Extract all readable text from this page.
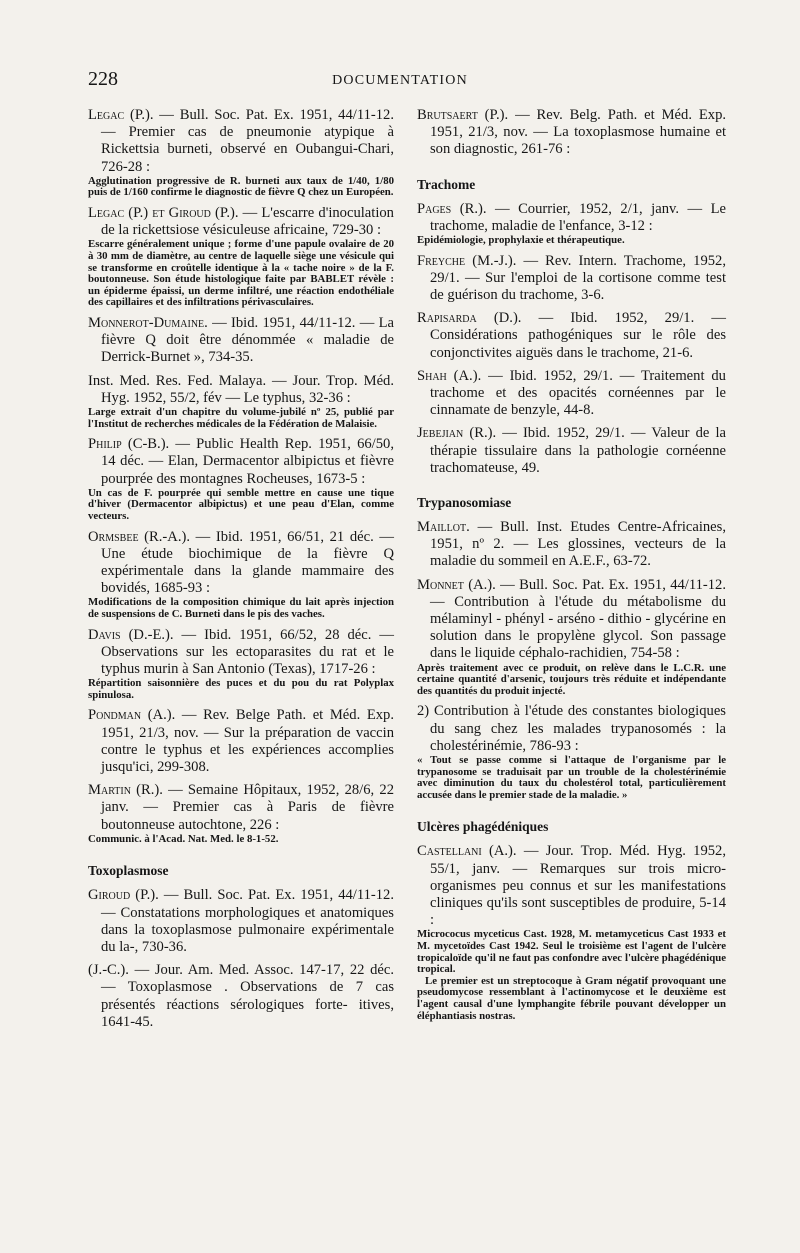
228	DOCUMENTATION
Legac (P.). — Bull. Soc. Pat. Ex. 1951, 44/11-12. — Premier cas de pneumonie atypique à Rickettsia burneti, observé en Oubangui-Chari, 726-28 :
Agglutination progressive de R. burneti aux taux de 1/40, 1/80 puis de 1/160 confirme le diagnostic de fièvre Q chez un Européen.
Legac (P.) et Giroud (P.). — L'escarre d'inoculation de la rickettsiose vésiculeuse africaine, 729-30 :
Escarre généralement unique ; forme d'une papule ovalaire de 20 à 30 mm de diamètre, au centre de laquelle siège une vésicule qui se transforme en croûtelle identique à la « tache noire » de la F. boutonneuse. Son étude histologique faite par BABLET révèle : un épiderme épaissi, un derme infiltré, une réaction endothéliale des capillaires et des infiltrations périvasculaires.
Monnerot-Dumaine. — Ibid. 1951, 44/11-12. — La fièvre Q doit être dénommée « maladie de Derrick-Burnet », 734-35.
Inst. Med. Res. Fed. Malaya. — Jour. Trop. Méd. Hyg. 1952, 55/2, fév — Le typhus, 32-36 :
Large extrait d'un chapitre du volume-jubilé nº 25, publié par l'Institut de recherches médicales de la Fédération de Malaisie.
Philip (C-B.). — Public Health Rep. 1951, 66/50, 14 déc. — Elan, Dermacentor albipictus et fièvre pourprée des montagnes Rocheuses, 1673-5 :
Un cas de F. pourprée qui semble mettre en cause une tique d'hiver (Dermacentor albipictus) et une peau d'Elan, comme vecteurs.
Ormsbee (R.-A.). — Ibid. 1951, 66/51, 21 déc. — Une étude biochimique de la fièvre Q expérimentale dans la glande mammaire des bovidés, 1685-93 :
Modifications de la composition chimique du lait après injection de suspensions de C. Burneti dans le pis des vaches.
Davis (D.-E.). — Ibid. 1951, 66/52, 28 déc. — Observations sur les ectoparasites du rat et le typhus murin à San Antonio (Texas), 1717-26 :
Répartition saisonnière des puces et du pou du rat Polyplax spinulosa.
Pondman (A.). — Rev. Belge Path. et Méd. Exp. 1951, 21/3, nov. — Sur la préparation de vaccin contre le typhus et les expériences accomplies jusqu'ici, 299-308.
Martin (R.). — Semaine Hôpitaux, 1952, 28/6, 22 janv. — Premier cas à Paris de fièvre boutonneuse autochtone, 226 :
Communic. à l'Acad. Nat. Med. le 8-1-52.
Toxoplasmose
Giroud (P.). — Bull. Soc. Pat. Ex. 1951, 44/11-12. — Constatations morphologiques et anatomiques dans la toxoplasmose pulmonaire expérimentale du la-, 730-36.
(J.-C.). — Jour. Am. Med. Assoc. 147-17, 22 déc. — Toxoplasmose . Observations de 7 cas présentés réactions sérologiques forte- itives, 1641-45.
Brutsaert (P.). — Rev. Belg. Path. et Méd. Exp. 1951, 21/3, nov. — La toxoplasmose humaine et son diagnostic, 261-76 :
Trachome
Pages (R.). — Courrier, 1952, 2/1, janv. — Le trachome, maladie de l'enfance, 3-12 :
Epidémiologie, prophylaxie et thérapeutique.
Freyche (M.-J.). — Rev. Intern. Trachome, 1952, 29/1. — Sur l'emploi de la cortisone comme test de guérison du trachome, 3-6.
Rapisarda (D.). — Ibid. 1952, 29/1. — Considérations pathogéniques sur le rôle des conjonctivites aiguës dans le trachome, 21-6.
Shah (A.). — Ibid. 1952, 29/1. — Traitement du trachome et des opacités cornéennes par le cinnamate de benzyle, 44-8.
Jebejian (R.). — Ibid. 1952, 29/1. — Valeur de la thérapie tissulaire dans la pathologie cornéenne trachomateuse, 49.
Trypanosomiase
Maillot. — Bull. Inst. Etudes Centre-Africaines, 1951, nº 2. — Les glossines, vecteurs de la maladie du sommeil en A.E.F., 63-72.
Monnet (A.). — Bull. Soc. Pat. Ex. 1951, 44/11-12. — Contribution à l'étude du métabolisme du mélaminyl - phényl - arséno - dithio - glycérine en solution dans le propylène glycol. Son passage dans le liquide céphalo-rachidien, 754-58 :
Après traitement avec ce produit, on relève dans le L.C.R. une certaine quantité d'arsenic, toujours très réduite et indépendante des quantités du produit injecté.
2) Contribution à l'étude des constantes biologiques du sang chez les malades trypanosomés : la cholestérinémie, 786-93 :
« Tout se passe comme si l'attaque de l'organisme par le trypanosome se traduisait par un trouble de la cholestérinémie avec diminution du taux du cholestérol total, particulièrement accusée dans le premier stade de la maladie. »
Ulcères phagédéniques
Castellani (A.). — Jour. Trop. Méd. Hyg. 1952, 55/1, janv. — Remarques sur trois micro-organismes peu connus et sur les manifestations cliniques qu'ils sont susceptibles de produire, 5-14 :
Micrococus myceticus Cast. 1928, M. metamyceticus Cast 1933 et M. mycetoïdes Cast 1942. Seul le troisième est l'agent de l'ulcère tropicaloïde qu'il ne faut pas confondre avec l'ulcère phagédénique tropical.
Le premier est un streptocoque à Gram négatif provoquant une pseudomycose ressemblant à l'actinomycose et le deuxième est l'agent causal d'une lymphangite fébrile pouvant développer un éléphantiasis nostras.
